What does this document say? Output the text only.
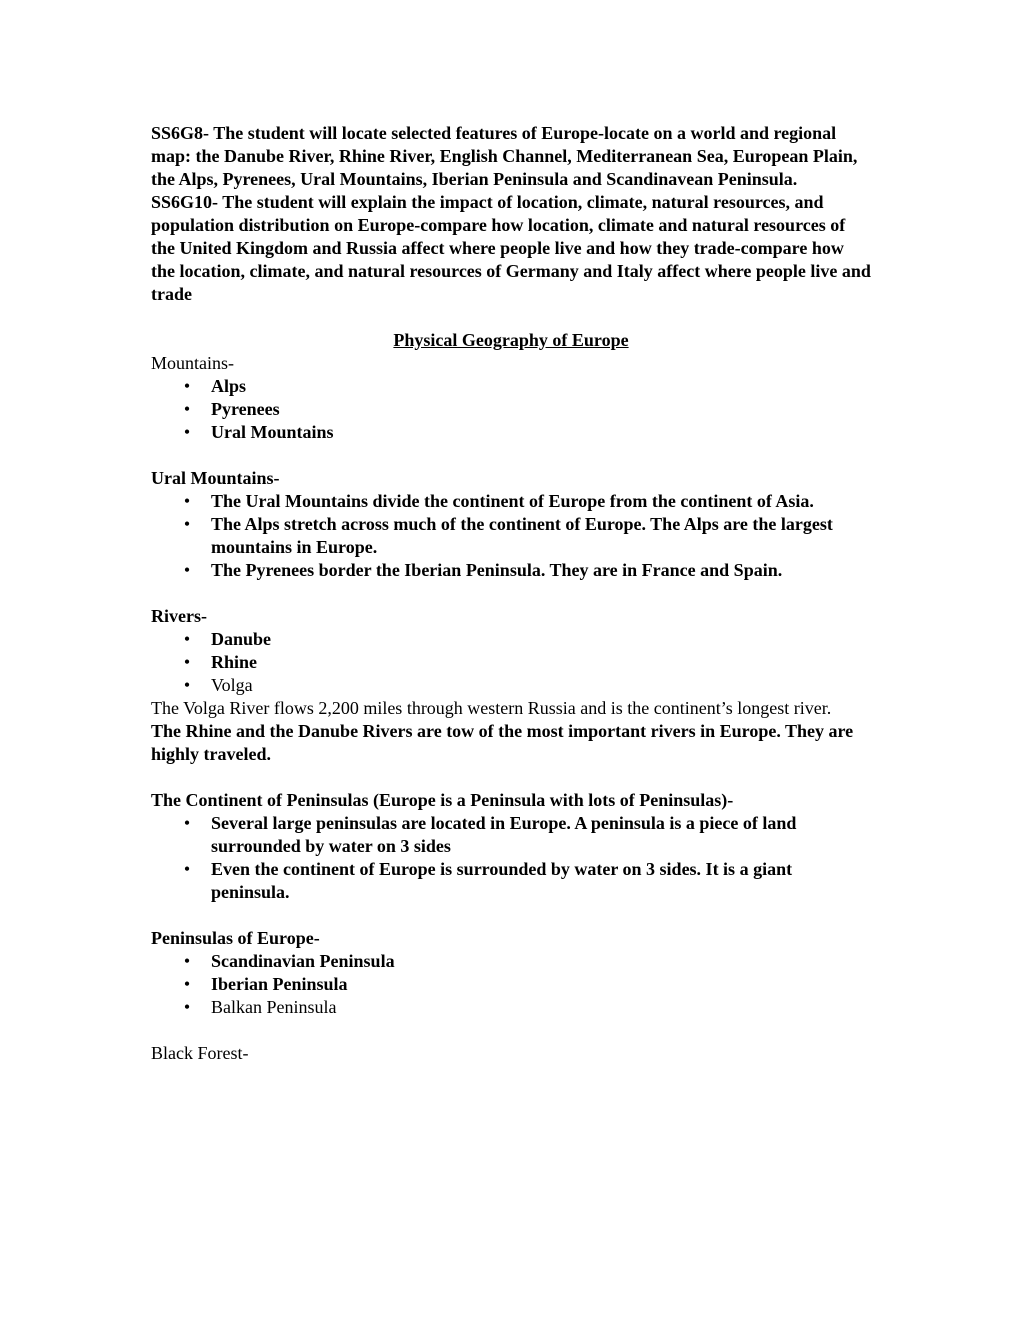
SS6G8- The student will locate selected features of Europe-locate on a world and regional map: the Danube River, Rhine River, English Channel, Mediterranean Sea, European Plain, the Alps, Pyrenees, Ural Mountains, Iberian Peninsula and Scandinavean Peninsula.

SS6G10- The student will explain the impact of location, climate, natural resources, and population distribution on Europe-compare how location, climate and natural resources of the United Kingdom and Russia affect where people live and how they trade-compare how the location, climate, and natural resources of Germany and Italy affect where people live and trade

Physical Geography of Europe

Mountains-

• Alps
• Pyrenees
• Ural Mountains

Ural Mountains-

• The Ural Mountains divide the continent of Europe from the continent of Asia.
• The Alps stretch across much of the continent of Europe. The Alps are the largest mountains in Europe.
• The Pyrenees border the Iberian Peninsula. They are in France and Spain.

Rivers-

• Danube
• Rhine
• Volga

The Volga River flows 2,200 miles through western Russia and is the continent’s longest river.

The Rhine and the Danube Rivers are tow of the most important rivers in Europe. They are highly traveled.

The Continent of Peninsulas (Europe is a Peninsula with lots of Peninsulas)-

• Several large peninsulas are located in Europe. A peninsula is a piece of land surrounded by water on 3 sides
• Even the continent of Europe is surrounded by water on 3 sides. It is a giant peninsula.

Peninsulas of Europe-

• Scandinavian Peninsula
• Iberian Peninsula
• Balkan Peninsula

Black Forest-
